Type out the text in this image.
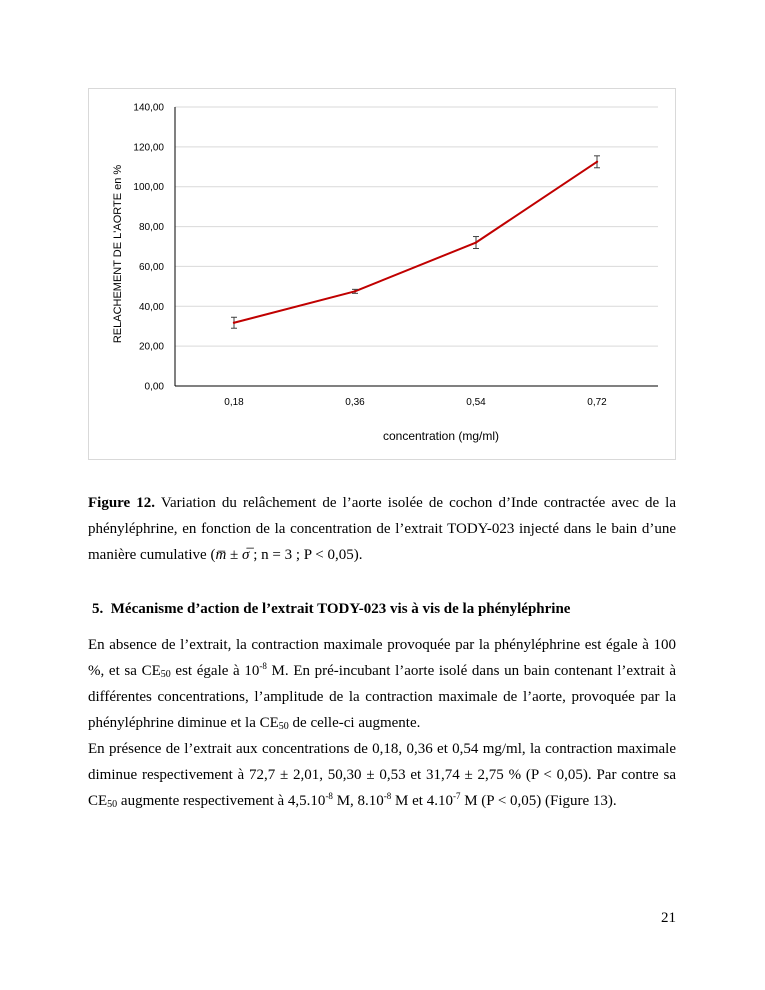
0,00
20,00
40,00
60,00
80,00
100,00
120,00
140,00
0,18	0,36	0,54	0,72
concentration (mg/ml)
RELACHEMENT DE L'AORTE en %

Figure 12. Variation du relâchement de l’aorte isolée de cochon d’Inde contractée avec de la phényléphrine, en fonction de la concentration de l’extrait TODY-023 injecté dans le bain d’une manière cumulative (m̅ ± σ̅ ; n = 3 ; P < 0,05).

5. Mécanisme d’action de l’extrait TODY-023 vis à vis de la phényléphrine

En absence de l’extrait, la contraction maximale provoquée par la phényléphrine est égale à 100 %, et sa $CE_{50}$ est égale à $10^{-8}$ M. En pré-incubant l’aorte isolé dans un bain contenant l’extrait à différentes concentrations, l’amplitude de la contraction maximale de l’aorte, provoquée par la phényléphrine diminue et la $CE_{50}$ de celle-ci augmente.

En présence de l’extrait aux concentrations de 0,18, 0,36 et 0,54 mg/ml, la contraction maximale diminue respectivement à 72,7 ± 2,01, 50,30 ± 0,53 et 31,74 ± 2,75 % (P < 0,05). Par contre sa $CE_{50}$ augmente respectivement à $4,5.10^{-8}$ M, $8.10^{-8}$ M et $4.10^{-7}$ M (P < 0,05) (Figure 13).

21
